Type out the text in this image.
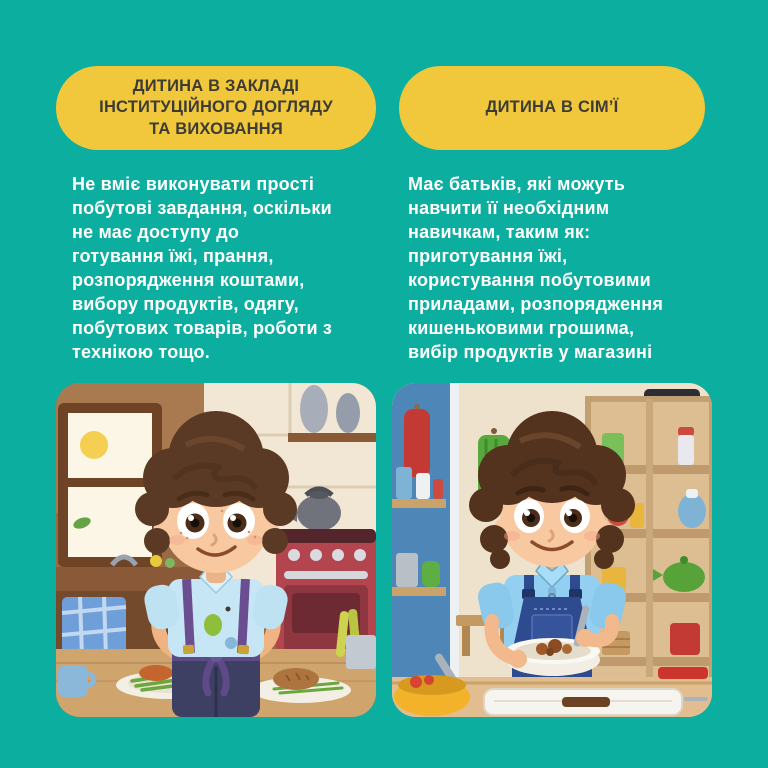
ДИТИНА В ЗАКЛАДІ
ІНСТИТУЦІЙНОГО ДОГЛЯДУ
ТА ВИХОВАННЯ

Не вміє виконувати прості
побутові завдання, оскільки
не має доступу до
готування їжі, прання,
розпорядження коштами,
вибору продуктів, одягу,
побутових товарів, роботи з
технікою тощо.

ДИТИНА В СІМ’Ї

Має батьків, які можуть
навчити її необхідним
навичкам, таким як:
приготування їжі,
користування побутовими
приладами, розпорядження
кишеньковими грошима,
вибір продуктів у магазині
